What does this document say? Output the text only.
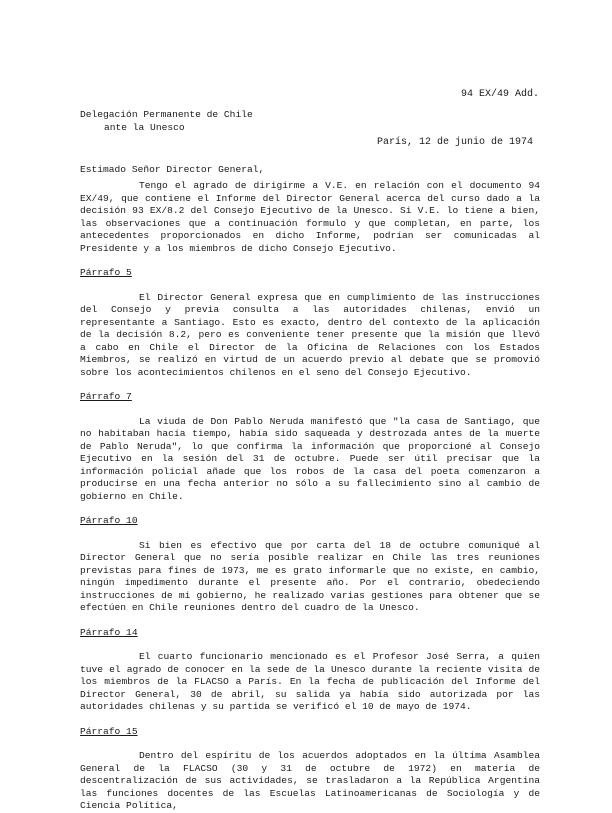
94 EX/49 Add.
Delegación Permanente de Chile
ante la Unesco
París, 12 de junio de 1974
Estimado Señor Director General,

Tengo el agrado de dirigirme a V.E. en relación con el documento 94 EX/49, que contiene el Informe del Director General acerca del curso dado a la decisión 93 EX/8.2 del Consejo Ejecutivo de la Unesco. Si V.E. lo tiene a bien, las observaciones que a continuación formulo y que completan, en parte, los antecedentes proporcionados en dicho Informe, podrían ser comunicadas al Presidente y a los miembros de dicho Consejo Ejecutivo.

Párrafo 5

El Director General expresa que en cumplimiento de las instrucciones del Consejo y previa consulta a las autoridades chilenas, envió un representante a Santiago. Esto es exacto, dentro del contexto de la aplicación de la decisión 8.2, pero es conveniente tener presente que la misión que llevó a cabo en Chile el Director de la Oficina de Relaciones con los Estados Miembros, se realizó en virtud de un acuerdo previo al debate que se promovió sobre los acontecimientos chilenos en el seno del Consejo Ejecutivo.

Párrafo 7

La viuda de Don Pablo Neruda manifestó que "la casa de Santiago, que no habitaban hacía tiempo, había sido saqueada y destrozada antes de la muerte de Pablo Neruda", lo que confirma la información que proporcioné al Consejo Ejecutivo en la sesión del 31 de octubre. Puede ser útil precisar que la información policial añade que los robos de la casa del poeta comenzaron a producirse en una fecha anterior no sólo a su fallecimiento sino al cambio de gobierno en Chile.

Párrafo 10

Si bien es efectivo que por carta del 18 de octubre comuniqué al Director General que no sería posible realizar en Chile las tres reuniones previstas para fines de 1973, me es grato informarle que no existe, en cambio, ningún impedimento durante el presente año. Por el contrario, obedeciendo instrucciones de mi gobierno, he realizado varias gestiones para obtener que se efectúen en Chile reuniones dentro del cuadro de la Unesco.

Párrafo 14

El cuarto funcionario mencionado es el Profesor José Serra, a quien tuve el agrado de conocer en la sede de la Unesco durante la reciente visita de los miembros de la FLACSO a París. En la fecha de publicación del Informe del Director General, 30 de abril, su salida ya había sido autorizada por las autoridades chilenas y su partida se verificó el 10 de mayo de 1974.

Párrafo 15

Dentro del espíritu de los acuerdos adoptados en la última Asamblea General de la FLACSO (30 y 31 de octubre de 1972) en materia de descentralización de sus actividades, se trasladaron a la República Argentina las funciones docentes de las Escuelas Latinoamericanas de Sociología y de Ciencia Política,
